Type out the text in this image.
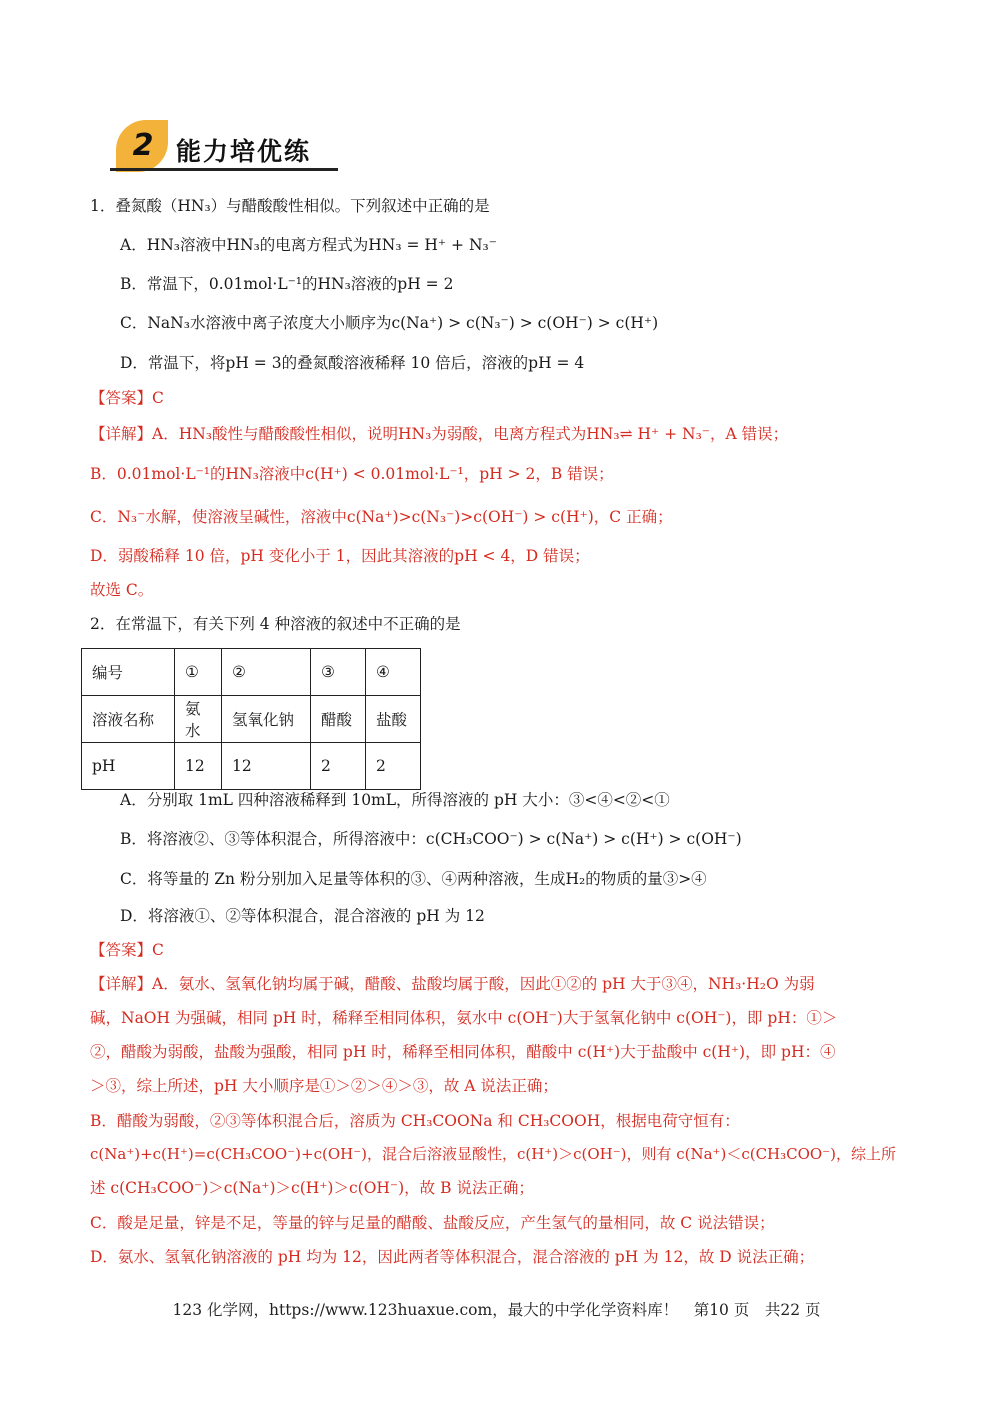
2 能力培优练
1．叠氮酸（HN₃）与醋酸酸性相似。下列叙述中正确的是
A．HN₃溶液中HN₃的电离方程式为HN₃ = H⁺ + N₃⁻
B．常温下，0.01mol·L⁻¹的HN₃溶液的pH = 2
C．NaN₃水溶液中离子浓度大小顺序为c(Na⁺) > c(N₃⁻) > c(OH⁻) > c(H⁺)
D．常温下，将pH = 3的叠氮酸溶液稀释 10 倍后，溶液的pH = 4
【答案】C
【详解】A．HN₃酸性与醋酸酸性相似，说明HN₃为弱酸，电离方程式为HN₃⇌ H⁺ + N₃⁻，A 错误；
B．0.01mol·L⁻¹的HN₃溶液中c(H⁺) < 0.01mol·L⁻¹，pH > 2，B 错误；
C．N₃⁻水解，使溶液呈碱性，溶液中c(Na⁺)>c(N₃⁻)>c(OH⁻) > c(H⁺)，C 正确；
D．弱酸稀释 10 倍，pH 变化小于 1，因此其溶液的pH < 4，D 错误；
故选 C。
2．在常温下，有关下列 4 种溶液的叙述中不正确的是
编号	①	②	③	④
溶液名称	氨水	氢氧化钠	醋酸	盐酸
pH	12	12	2	2
A．分别取 1mL 四种溶液稀释到 10mL，所得溶液的 pH 大小：③<④<②<①
B．将溶液②、③等体积混合，所得溶液中：c(CH₃COO⁻) > c(Na⁺) > c(H⁺) > c(OH⁻)
C．将等量的 Zn 粉分别加入足量等体积的③、④两种溶液，生成H₂的物质的量③>④
D．将溶液①、②等体积混合，混合溶液的 pH 为 12
【答案】C
【详解】A．氨水、氢氧化钠均属于碱，醋酸、盐酸均属于酸，因此①②的 pH 大于③④，NH₃·H₂O 为弱
碱，NaOH 为强碱，相同 pH 时，稀释至相同体积，氨水中 c(OH⁻)大于氢氧化钠中 c(OH⁻)，即 pH：①＞
②，醋酸为弱酸，盐酸为强酸，相同 pH 时，稀释至相同体积，醋酸中 c(H⁺)大于盐酸中 c(H⁺)，即 pH：④
＞③，综上所述，pH 大小顺序是①＞②＞④＞③，故 A 说法正确；
B．醋酸为弱酸，②③等体积混合后，溶质为 CH₃COONa 和 CH₃COOH，根据电荷守恒有：
c(Na⁺)+c(H⁺)=c(CH₃COO⁻)+c(OH⁻)，混合后溶液显酸性，c(H⁺)＞c(OH⁻)，则有 c(Na⁺)＜c(CH₃COO⁻)，综上所
述 c(CH₃COO⁻)＞c(Na⁺)＞c(H⁺)＞c(OH⁻)，故 B 说法正确；
C．酸是足量，锌是不足，等量的锌与足量的醋酸、盐酸反应，产生氢气的量相同，故 C 说法错误；
D．氨水、氢氧化钠溶液的 pH 均为 12，因此两者等体积混合，混合溶液的 pH 为 12，故 D 说法正确；
123 化学网，https://www.123huaxue.com，最大的中学化学资料库！　第10 页　共22 页
